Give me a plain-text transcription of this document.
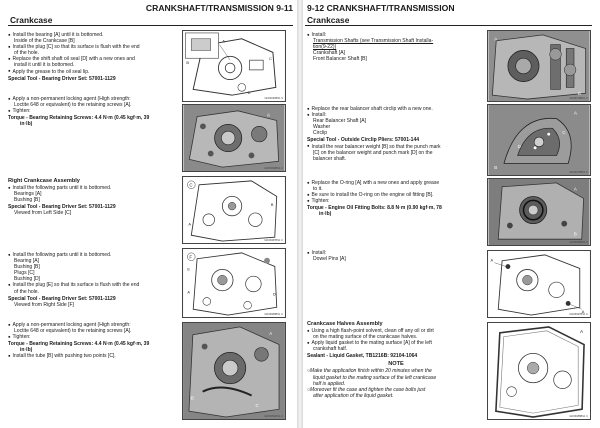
CRANKSHAFT/TRANSMISSION 9-11
Crankcase
● Install the bearing [A] until it is bottomed.
Inside of the Crankcase [B]
● Install the plug [C] so that its surface is flush with the end
of the hole.
● Replace the shift shaft oil seal [D] with a new ones and
install it until it is bottomed.
● Apply the grease to the oil seal lip.
Special Tool - Bearing Driver Set: 57001-1129
● Apply a non-permanent locking agent (High strength:
Loctite 648 or equivalent) to the retaining screws [A].
● Tighten:
Torque - Bearing Retaining Screws: 4.4 N·m (0.45 kgf·m, 39
in·lb)
Right Crankcase Assembly
● Install the following parts until it is bottomed.
Bearings [A]
Bushing [B]
Special Tool - Bearing Driver Set: 57001-1129
Viewed from Left Side [C]
● Install the following parts until it is bottomed.
Bearing [A]
Bushing [B]
Plugs [C]
Bushing [D]
● Install the plug [E] so that its surface is flush with the end
of the hole.
Special Tool - Bearing Driver Set: 57001-1129
Viewed from Right Side [F]
● Apply a non-permanent locking agent (High strength:
Loctite 648 or equivalent) to the retaining screws [A].
● Tighten:
Torque - Bearing Retaining Screws: 4.4 N·m (0.45 kgf·m, 39
in·lb)
● Install the tube [B] with pushing two points [C].
A
B
C
D
GD06096BS1 S
A
GD06090BS1 C
C
A
B
GD06087BS1 C
F
E
A	D
GD06089BS1 C
A
B
C
GD06091BS1 C
9-12 CRANKSHAFT/TRANSMISSION
Crankcase
● Install:
Transmission Shafts (see Transmission Shaft Installa-
tion(9-22))
Crankshaft [A]
Front Balancer Shaft [B]
● Replace the rear balancer shaft circlip with a new one.
● Install:
Rear Balancer Shaft [A]
Washer
Circlip
Special Tool - Outside Circlip Pliers: 57001-144
● Install the rear balancer weight [B] so that the punch mark
[C] on the balancer weight and punch mark [D] on the
balancer shaft.
● Replace the O-ring [A] with a new ones and apply grease
to it.
● Be sure to install the O-ring on the engine oil fitting [B].
● Tighten:
Torque - Engine Oil Fitting Bolts: 8.8 N·m (0.90 kgf·m, 78
in·lb)
● Install:
Dowel Pins [A]
Crankcase Halves Assembly
● Using a high flash-point solvent, clean off any oil or dirt
on the mating surface of the crankcase halves.
● Apply liquid gasket to the mating surface [A] of the left
crankshaft half.
Sealant - Liquid Gasket, TB1216B: 92104-1064
NOTE
○Make the application finish within 20 minutes when the
liquid gasket to the mating surface of the left crankcase
half is applied.
○Moreover fit the case and tighten the case bolts just
after application of the liquid gasket.
A
B
GD06078BS1 C
A
B
C
D
GD06075BS1 C
A
B
GD06095BS1 C
A
A
GD06097BS1 C
A
GD06088BS1 C
